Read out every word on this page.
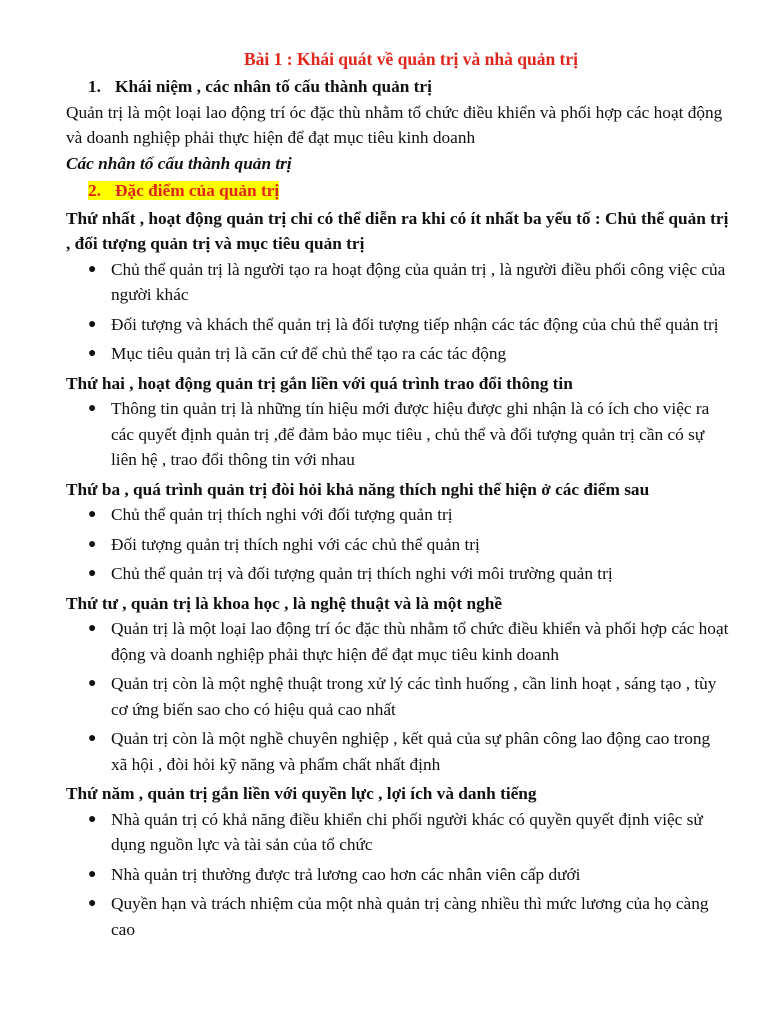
Bài 1 : Khái quát về quản trị và nhà quản trị
1. Khái niệm , các nhân tố cấu thành quản trị

Quản trị là một loại lao động trí óc đặc thù nhằm tổ chức điều khiển và phối hợp các hoạt động và doanh nghiệp phải thực hiện để đạt mục tiêu kinh doanh

Các nhân tố cấu thành quản trị
2. Đặc điểm của quản trị
Thứ nhất , hoạt động quản trị chỉ có thể diễn ra khi có ít nhất ba yếu tố : Chủ thể quản trị , đối tượng quản trị và mục tiêu quản trị
● Chủ thể quản trị là người tạo ra hoạt động của quản trị , là người điều phối công việc của người khác
● Đối tượng và khách thể quản trị là đối tượng tiếp nhận các tác động của chủ thể quản trị
● Mục tiêu quản trị là căn cứ để chủ thể tạo ra các tác động
Thứ hai , hoạt động quản trị gắn liền với quá trình trao đổi thông tin
● Thông tin quản trị là những tín hiệu mới được hiệu được ghi nhận là có ích cho việc ra các quyết định quản trị ,để đảm bảo mục tiêu , chủ thể và đối tượng quản trị cần có sự liên hệ , trao đổi thông tin với nhau
Thứ ba , quá trình quản trị đòi hỏi khả năng thích nghi thể hiện ở các điểm sau
● Chủ thể quản trị thích nghi với đối tượng quản trị
● Đối tượng quản trị thích nghi với các chủ thể quản trị
● Chủ thể quản trị và đối tượng quản trị thích nghi với môi trường quản trị
Thứ tư , quản trị là khoa học , là nghệ thuật và là một nghề
● Quản trị là một loại lao động trí óc đặc thù nhằm tổ chức điều khiển và phối hợp các hoạt động và doanh nghiệp phải thực hiện để đạt mục tiêu kinh doanh
● Quản trị còn là một nghệ thuật trong xử lý các tình huống , cần linh hoạt , sáng tạo , tùy cơ ứng biến sao cho có hiệu quả cao nhất
● Quản trị còn là một nghề chuyên nghiệp , kết quả của sự phân công lao động cao trong xã hội , đòi hỏi kỹ năng và phẩm chất nhất định
Thứ năm , quản trị gắn liền với quyền lực , lợi ích và danh tiếng
● Nhà quản trị có khả năng điều khiển chi phối người khác có quyền quyết định việc sử dụng nguồn lực và tài sản của tổ chức
● Nhà quản trị thường được trả lương cao hơn các nhân viên cấp dưới
● Quyền hạn và trách nhiệm của một nhà quản trị càng nhiều thì mức lương của họ càng cao
